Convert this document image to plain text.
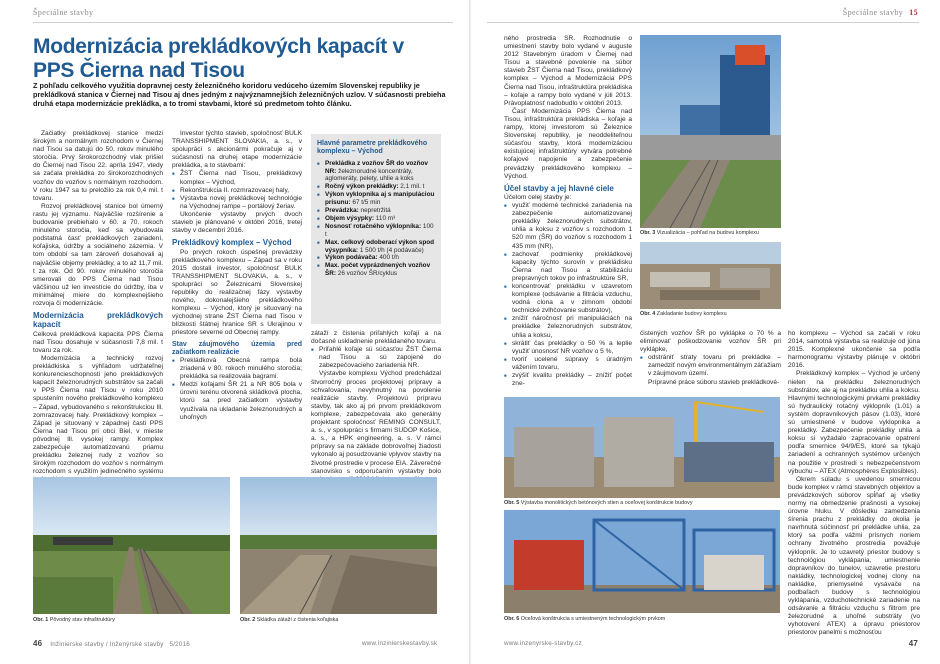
Špeciálne stavby
Modernizácia prekládkových kapacít v PPS Čierna nad Tisou
Z pohľadu celkového využitia dopravnej cesty železničného koridoru vedúceho územím Slovenskej republiky je prekládková stanica v Čiernej nad Tisou aj dnes jedným z najvýznamnejších železničných uzlov. V súčasnosti prebieha druhá etapa modernizácie prekládka, a to tromi stavbami, ktoré sú predmetom tohto článku.

Začiatky prekládkovej stanice medzi širokým a normálnym rozchodom v Čiernej nad Tisou sa datujú do 50. rokov minulého storočia. Prvý širokorozchodný vlak prišiel do Čiernej nad Tisou 22. apríla 1947, vtedy sa začala prekládka zo širokorozchodných vozňov do vozňov s normálnym rozchodom. V roku 1947 sa tu preložilo za rok 0,4 mil. t tovaru.

Rozvoj prekládkovej stanice bol úmerný rastu jej významu. Najväčšie rozšírenie a budovanie prebiehalo v 60. a 70. rokoch minulého storočia, keď sa vybudovala podstatná časť prekládkových zariadení, koľajiska, údržby a sociálneho zázemia. V tom období sa tam zároveň dosahovali aj najväčšie objemy prekládky, a to až 11,7 mil. t za rok. Od 90. rokov minulého storočia smerovali do PPS Čierna nad Tisou väčšinou už len investície do údržby, iba v minimálnej miere do komplexnejšieho rozvoja či modernizácie.

Modernizácia prekládkových kapacít

Celková prekládková kapacita PPS Čierna nad Tisou dosahuje v súčasnosti 7,8 mil. t tovaru za rok.

Modernizácia a technický rozvoj prekládkiska s výhľadom udržateľnej konkurencieschopnosti jeho prekládkových kapacít železnorudných substrátov sa začali v PPS Čierna nad Tisou v roku 2010 spustením nového prekládkového komplexu – Západ, vybudovaného s rekonštrukciou Ill. zomrazovacej haly. Prekládkový komplex – Západ je situovaný v západnej časti PPS Čierna nad Tisou pri obci Biel, v mieste pôvodnej Ill. vysokej rampy. Komplex zabezpečuje automatizovanú priamu prekládku železnej rudy z vozňov so širokým rozchodom do vozňov s normálnym rozchodom s využitím jedinečného systému

Investor týchto stavieb, spoločnosť BULK TRANSSHIPMENT SLOVAKIA, a. s., v spolupráci s akcionármi pokračuje aj v súčasnosti na druhej etape modernizácie prekládka, a to stavbami:

■ ŽST Čierna nad Tisou, prekládkový komplex – Východ,
■ Rekonštrukcia II. rozmrazovacej haly,
■ Výstavba novej prekládkovej technológie na Východnej rampe – portálový žeriav.

Ukončenie výstavby prvých dvoch stavieb je plánované v októbri 2016, tretej stavby v decembri 2016.

Prekládkový komplex – Východ

Po prvých rokoch úspešnej prevádzky prekládkového komplexu – Západ sa v roku 2015 dostali investor, spoločnosť BULK TRANSSHIPMENT SLOVAKIA, a. s., v spolupráci so Železnicami Slovenskej republiky do realizačnej fázy výstavby nového, dokonalejšieho prekládkového komplexu – Východ, ktorý je situovaný na východnej strane ŽST Čierna nad Tisou v blízkosti štátnej hranice SR s Ukrajinou v priestore severne od Obecnej rampy.

Stav záujmového územia pred začiatkom realizácie
■ Prekládková Obecná rampa bola zriadená v 80. rokoch minulého storočia; prekládka sa realizovala bagrami.
■ Medzi koľajami ŠR 21 a NR 805 bola v úrovni terénu otvorená skládková plocha, ktorú sa pred začiatkom výstavby využívala na ukladanie železnorudných a uhoľných
Hlavné parametre prekládkového komplexu – Východ
■ Prekládka z vozňov ŠR do vozňov NR: železnorudné koncentráty, aglomeráty, pelety, uhlie a koks
■ Ročný výkon prekládky: 2,1 mil. t
■ Výkon vyklopnika aj s manipuláciou prísunu: 67 t/5 min
■ Prevádzka: nepretržitá
■ Objem výsypky: 110 m³
■ Nosnosť rotačného výklopníka: 100 t
■ Max. celkový odoberací výkon spod výsypníka: 1 500 t/h (4 podávače)
■ Výkon podávača: 400 t/h
■ Max. počet vyprázdnených vozňov ŠR: 26 vozňov ŠR/cyklus

zátaží z čistenia priľahlých koľají a na dočasné uskladnenie prekládaného tovaru.

■ Priľahlé koľaje sú súčasťou ŽST Čierna nad Tisou a sú zapojené do zabezpečovacieho zariadenia NR.

Výstavbe komplexu Východ predchádzal štvorročný proces projektovej prípravy a schvaľovania, nevyhnutný na povolenie realizácie stavby. Projektovú prípravu stavby, tak ako aj pri prvom prekládkovom komplexe, zabezpečovala ako generálny projektant spoločnosť REMING CONSULT, a. s., v spolupráci s firmami SUDOP Košice, a. s., a HPK engineering, a. s. V rámci prípravy sa na základe dobrovoľnej žiadosti vykonalo aj posudzovanie vplyvov stavby na životné prostredie v procese EIA. Záverečné stanovisko s odporučaním výstavby bolo

Obr. 1 Pôvodný stav infraštruktúry	Obr. 2 Skládka zátaží z čistenia koľajiska
46 Inžinierske stavby / Inženýrské stavby 5/2016	www.inzinierskestavby.sk
Špeciálne stavby 15

ného prostredia SR. Rozhodnutie o umiestnení stavby bolo vydané v auguste 2012 Stavebným úradom v Čiernej nad Tisou a stavebné povolenie na súbor stavieb ŽST Čierna nad Tisou, prekládkový komplex – Východ a Modernizácia PPS Čierna nad Tisou, infraštruktúra prekládiska – koľaje a rampy bolo vydané v júli 2013. Právoplatnosť nadobudlo v októbri 2013.

Časť Modernizácia PPS Čierna nad Tisou, infraštruktúra prekládiska – koľaje a rampy, ktorej investorom sú Železnice Slovenskej republiky, je neoddeliteľnou súčasťou stavby, ktorá modernizáciou existujúcej infraštruktúry vytvára potrebné koľajové napojenie a zabezpečenie prevádzky prekládkového komplexu – Východ.

Účel stavby a jej hlavné ciele

Účelom celej stavby je:

■ využiť moderné technické zariadenia na zabezpečenie automatizovanej prekládky železnorudných substrátov, uhlia a koksu z vozňov s rozchodom 1 520 mm (ŠR) do vozňov s rozchodom 1 435 mm (NR),
■ zachovať podmienky prekládkovej kapacity týchto surovín v prekládisku Čierna nad Tisou a stabilizáciu prepravných tokov po infraštruktúre SR,
■ koncentrovať prekládku v uzavretom komplexe (odsávanie a filtrácia vzduchu, vodná clona a v zimnom období technické zvlhčovanie substrátov),
■ znížiť náročnosť pri manipuláciách na prekládke železnorudných substrátov, uhlia a koksu,
■ skrátiť čas prekládky o 50 % a leplie využiť únosnosť NR vozňov o 5 %,
■ tvoriť ucelené súpravy s úradným vážením tovaru,
■ zvýšiť kvalitu prekládky – znížiť počet zne-
Obr. 3 Vizualizácia – pohľad na budovu komplexu
Obr. 4 Zakladanie budovy komplexu

čistených vozňov ŠR po vyklápke o 70 % a eliminovať poškodzovanie vozňov ŠR pri vyklápke,

■ odstrániť straty tovaru pri prekládke – zamedziť novým environmentálnym záťažiam v záujmovom území.

Prípravné práce súboru stavieb prekládkové-

ho komplexu – Východ sa začali v roku 2014, samotná výstavba sa realizuje od júna 2015. Komplexné ukončenie sa podľa harmonogramu výstavby plánuje v októbri 2016.

Prekládkový komplex – Východ je určený nielen na prekládku železnorudných substrátov, ale aj na prekládku uhlia a koksu. Hlavnými technologickými prvkami prekládky sú hydraulický rotačný výklopník (1.01) a systém dopravníkových pásov (1.03), ktoré sú umiestnené v budove vyklopnika a prekládky. Zabezpečenie prekládky uhlia a koksu si vyžadalo zapracovanie opatrení podľa smernice 94/9/ES, ktoré sa týkajú zariadení a ochranných systémov určených na použitie v prostredí s nebezpečenstvom výbuchu – ATEX (Atmosphères Explosibles).

Okrem súladu s uvedenou smernicou bude komplex v rámci stavebných objektov a prevádzkových súborov spĺňať aj všetky normy na obmedzenie prašnosti a vysokej úrovne hluku. V dôsledku zamedzenia šírenia prachu z prekládky do okolia je navrhnutá súčinnosť pri prekládke uhlia, za ktorý sa podľa vážmi prísnych noriem ochrany životného prostredia považuje výklopník. Je to uzavretý priestor budovy s technológiou vyklápania, umiestnenie dopravníkov do tunelov, uzavretie prestoru nakládky, technologickej vodnej clony na nakládke, priemyselné vysávače na podbaľach budovy s technológiou vyklápania, vzduchotechnické zariadenie na odsávanie a filtráciu vzduchu s filtrom pre železorudné a uhoľné substráty (vo vyhotovení ATEX) a úpravu priestorov priestorov panelmi s možnosťou

Obr. 5 Výstavba monolitických betónových stien a oceľovej konštrukcie budovy
Obr. 6 Oceľová konštrukcia s umiestneným technologickým prvkom
www.inzenyrske-stavby.cz	47
